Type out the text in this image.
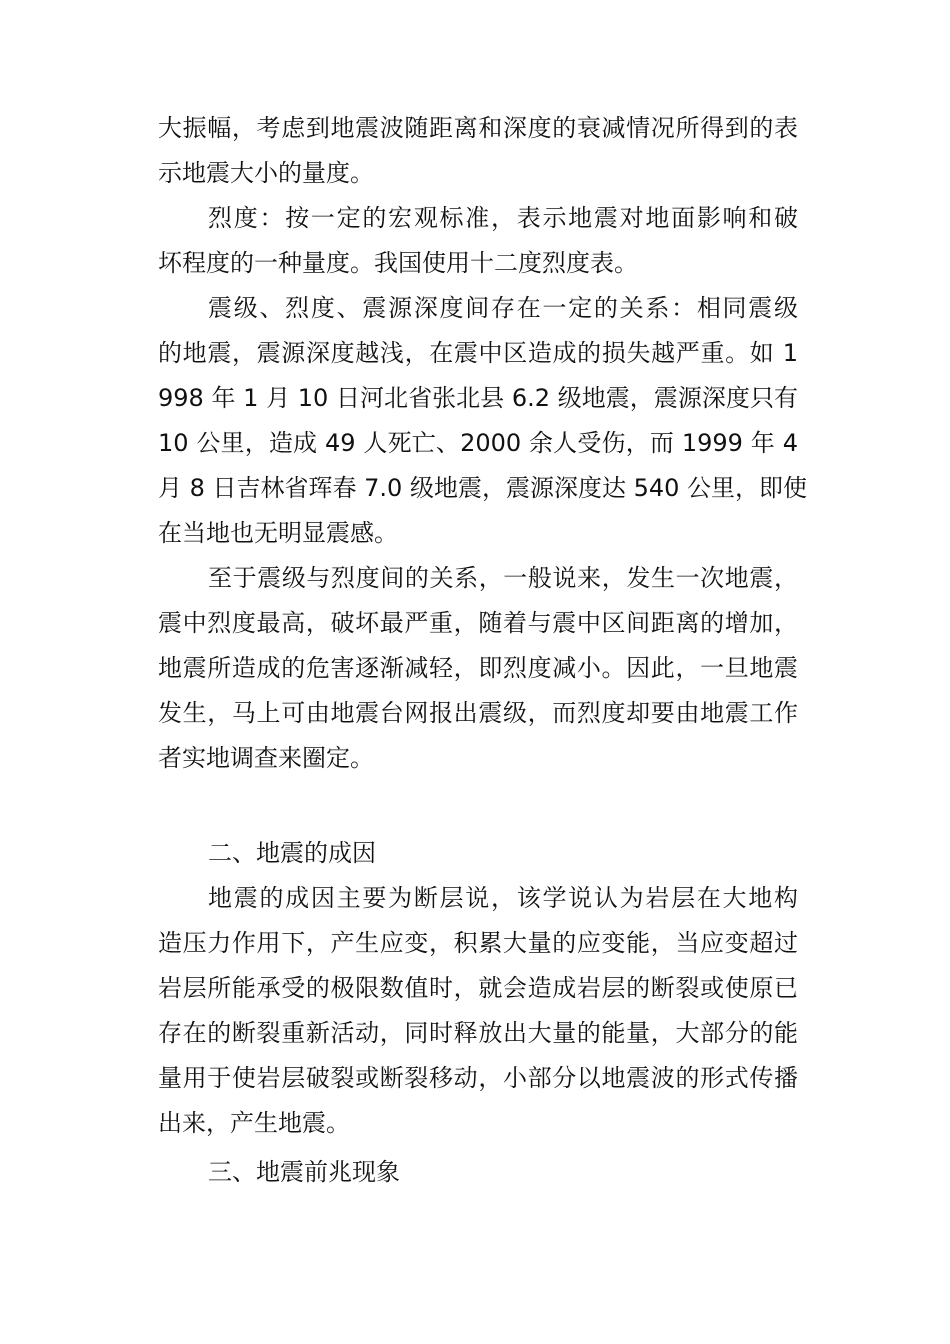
大振幅，考虑到地震波随距离和深度的衰减情况所得到的表
示地震大小的量度。
烈度：按一定的宏观标准，表示地震对地面影响和破
坏程度的一种量度。我国使用十二度烈度表。
震级、烈度、震源深度间存在一定的关系：相同震级
的地震，震源深度越浅，在震中区造成的损失越严重。如 1
998 年 1 月 10 日河北省张北县 6.2 级地震，震源深度只有
10 公里，造成 49 人死亡、2000 余人受伤，而 1999 年 4
月 8 日吉林省珲春 7.0 级地震，震源深度达 540 公里，即使
在当地也无明显震感。
至于震级与烈度间的关系，一般说来，发生一次地震，
震中烈度最高，破坏最严重，随着与震中区间距离的增加，
地震所造成的危害逐渐减轻，即烈度减小。因此，一旦地震
发生，马上可由地震台网报出震级，而烈度却要由地震工作
者实地调查来圈定。
二、地震的成因
地震的成因主要为断层说，该学说认为岩层在大地构
造压力作用下，产生应变，积累大量的应变能，当应变超过
岩层所能承受的极限数值时，就会造成岩层的断裂或使原已
存在的断裂重新活动，同时释放出大量的能量，大部分的能
量用于使岩层破裂或断裂移动，小部分以地震波的形式传播
出来，产生地震。
三、地震前兆现象
